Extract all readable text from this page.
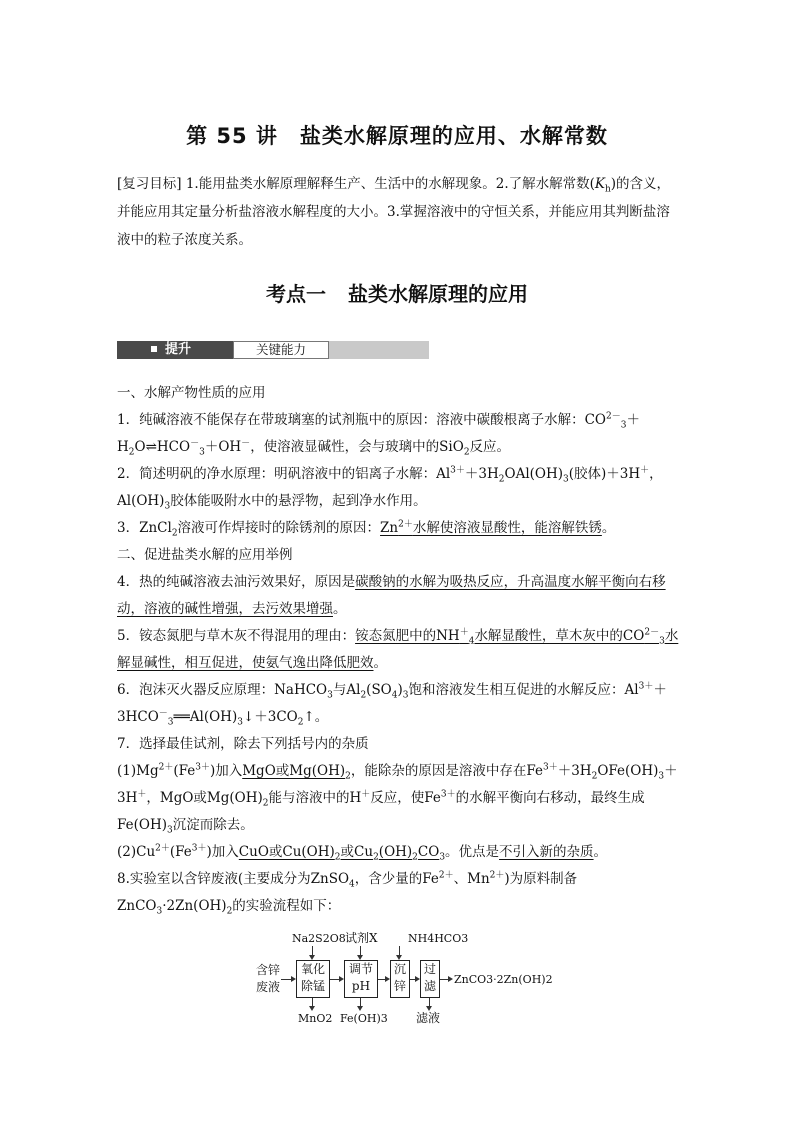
第 55 讲　盐类水解原理的应用、水解常数
[复习目标] 1.能用盐类水解原理解释生产、生活中的水解现象。2.了解水解常数$(K_h)$的含义，并能应用其定量分析盐溶液水解程度的大小。3.掌握溶液中的守恒关系，并能应用其判断盐溶液中的粒子浓度关系。
考点一 盐类水解原理的应用
提升	关键能力

一、水解产物性质的应用

1．纯碱溶液不能保存在带玻璃塞的试剂瓶中的原因：溶液中碳酸根离子水解：$CO^{2-}_3+H_2O\rightleftharpoons HCO^-_3+OH^-$，使溶液显碱性，会与玻璃中的SiO$_2$反应。

2．简述明矾的净水原理：明矾溶液中的铝离子水解：$Al^{3+}+3H_2OAl(OH)_3$(胶体)＋3H＋，$Al(OH)_3$胶体能吸附水中的悬浮物，起到净水作用。

3．ZnCl$_2$溶液可作焊接时的除锈剂的原因：$Zn^{2+}$水解使溶液显酸性，能溶解铁锈。

二、促进盐类水解的应用举例

4．热的纯碱溶液去油污效果好，原因是碳酸钠的水解为吸热反应，升高温度水解平衡向右移动，溶液的碱性增强，去污效果增强。

5．铵态氮肥与草木灰不得混用的理由：铵态氮肥中的$NH^+_4$水解显酸性，草木灰中的$CO^{2-}_3$水解显碱性，相互促进，使氨气逸出降低肥效。

6．泡沫灭火器反应原理：NaHCO$_3$与$Al_2(SO_4)_3$饱和溶液发生相互促进的水解反应：$Al^{3+}+3HCO^-_3══Al(OH)_3↓+3CO_2↑$。

7．选择最佳试剂，除去下列括号内的杂质

$(1)Mg^{2+}(Fe^{3+})$加入MgO或$Mg(OH)_2$，能除杂的原因是溶液中存在$Fe^{3+}+3H_2OFe(OH)_3+3H^+$，MgO或$Mg(OH)_2$能与溶液中的H＋反应，使$Fe^{3+}$的水解平衡向右移动，最终生成$Fe(OH)_3$沉淀而除去。

$(2)Cu^{2+}(Fe^{3+})$加入CuO或$Cu(OH)_2$或$Cu_2(OH)_2CO_3$。优点是不引入新的杂质。

8.实验室以含锌废液(主要成分为ZnSO$_4$，含少量的$Fe^{2+}$、$Mn^{2+}$)为原料制备$ZnCO_3\cdot 2Zn(OH)_2$的实验流程如下：

Na2S2O8 试剂X	NH4HCO3
含锌
废液
氧化
除锰
调节
pH
沉
锌
过
滤 ZnCO3·2Zn(OH)2
MnO2 Fe(OH)3 滤液
